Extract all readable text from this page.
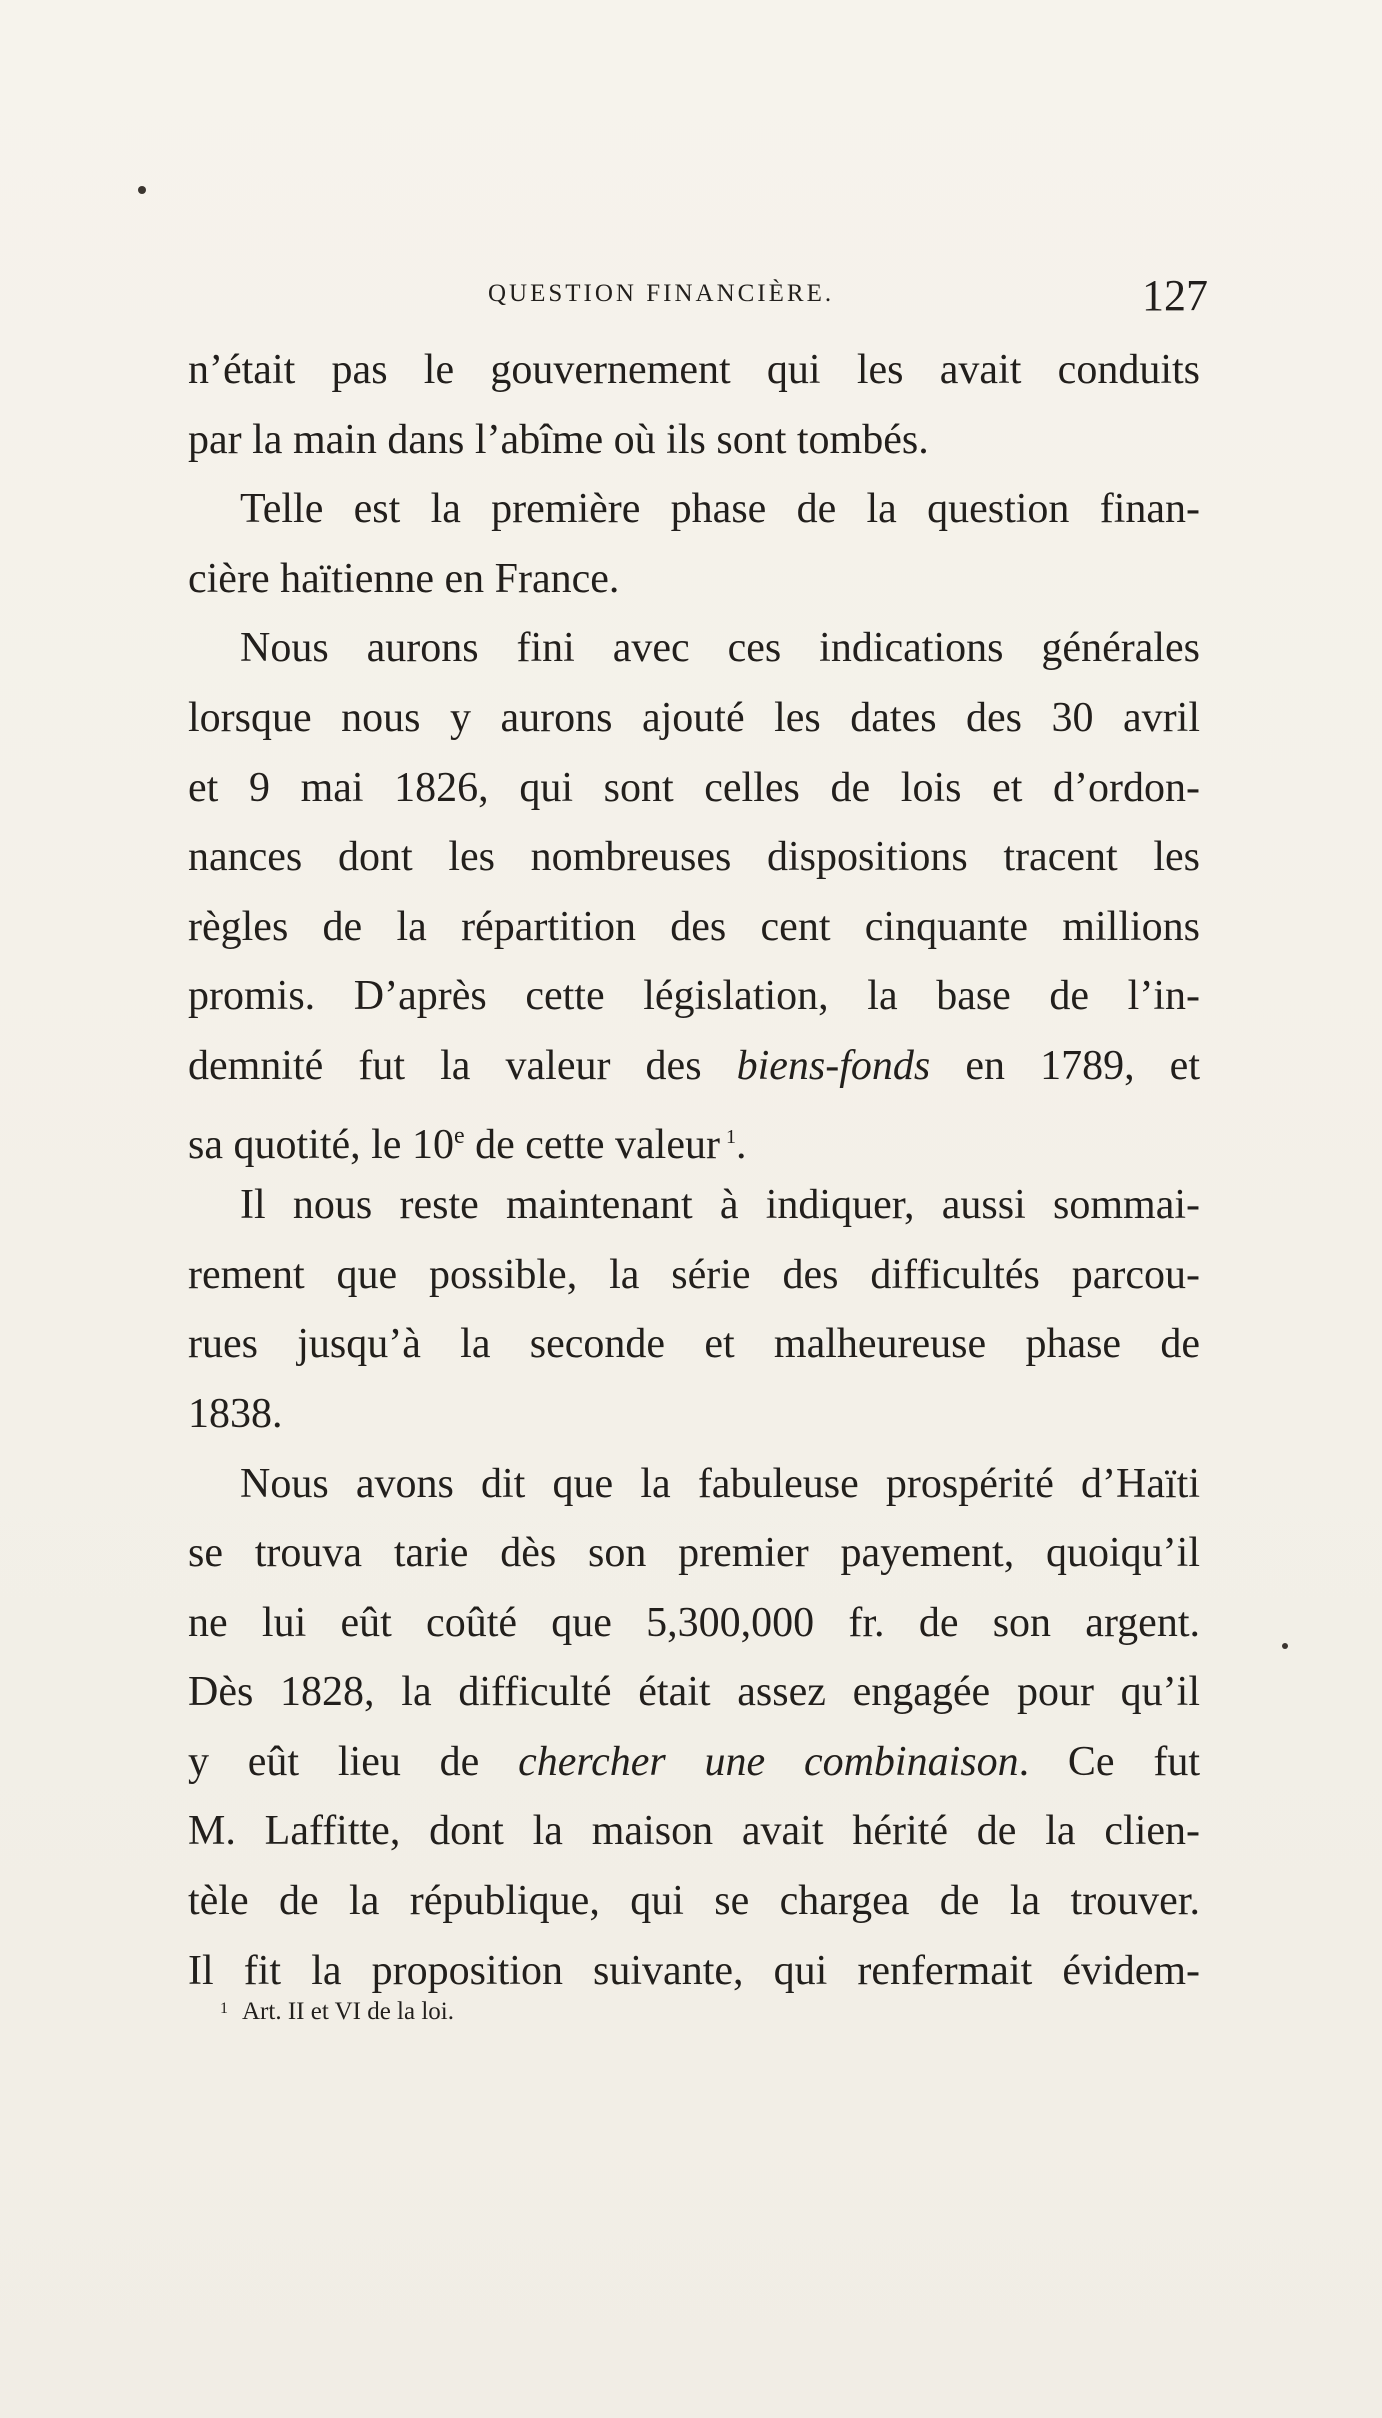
QUESTION FINANCIÈRE.	127
n’était pas le gouvernement qui les avait conduits
par la main dans l’abîme où ils sont tombés.
Telle est la première phase de la question finan-
cière haïtienne en France.
Nous aurons fini avec ces indications générales
lorsque nous y aurons ajouté les dates des 30 avril
et 9 mai 1826, qui sont celles de lois et d’ordon-
nances dont les nombreuses dispositions tracent les
règles de la répartition des cent cinquante millions
promis. D’après cette législation, la base de l’in-
demnité fut la valeur des biens-fonds en 1789, et
sa quotité, le 10e de cette valeur $^1$.
Il nous reste maintenant à indiquer, aussi sommai-
rement que possible, la série des difficultés parcou-
rues jusqu’à la seconde et malheureuse phase de
1838.
Nous avons dit que la fabuleuse prospérité d’Haïti
se trouva tarie dès son premier payement, quoiqu’il
ne lui eût coûté que 5,300,000 fr. de son argent.
Dès 1828, la difficulté était assez engagée pour qu’il
y eût lieu de chercher une combinaison. Ce fut
M. Laffitte, dont la maison avait hérité de la clien-
tèle de la république, qui se chargea de la trouver.
Il fit la proposition suivante, qui renfermait évidem-
$^1$ Art. II et VI de la loi.
